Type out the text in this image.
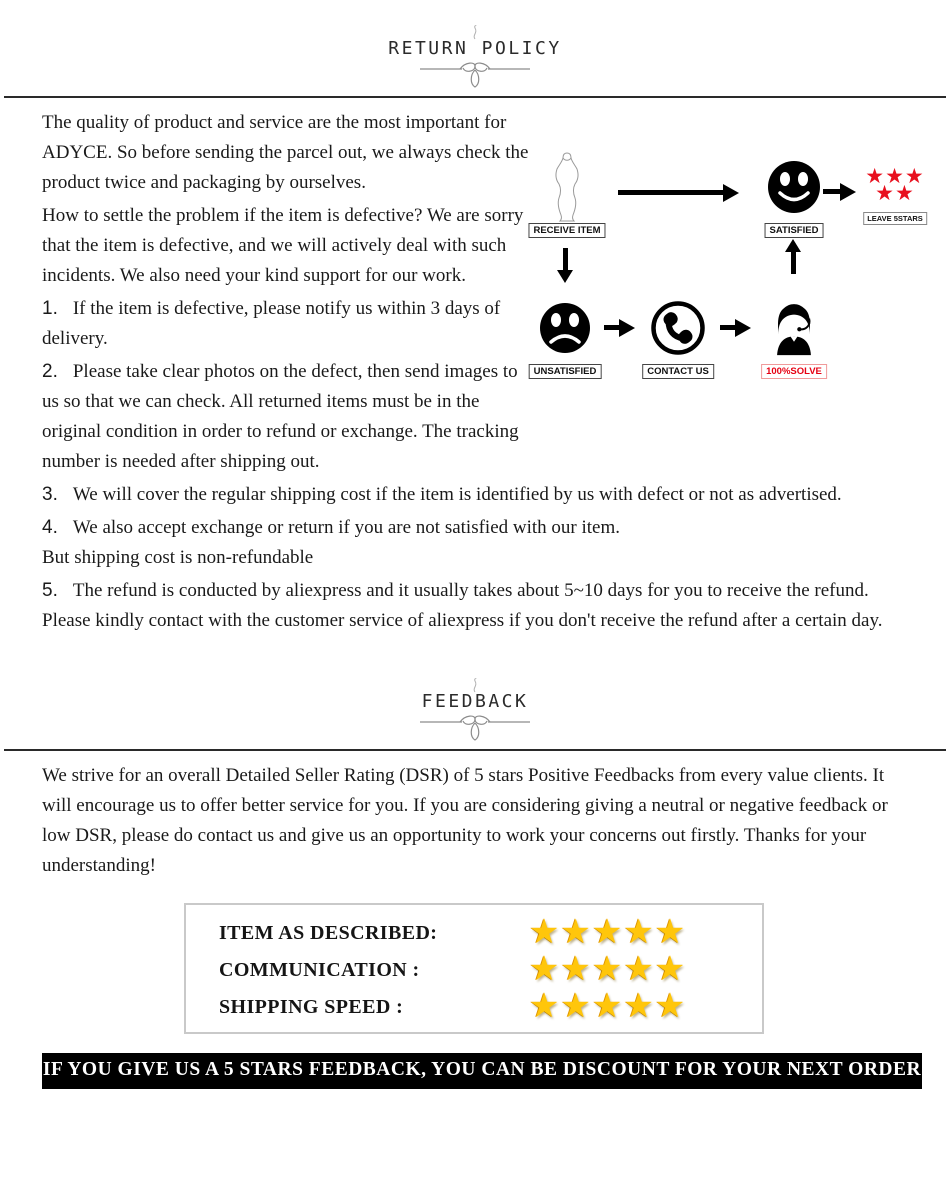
RETURN POLICY
RECEIVE ITEM	SATISFIED
★★★
★★
LEAVE 5STARS
UNSATISFIED	CONTACT US	100%SOLVE

The quality of product and service are the most important for ADYCE. So before sending the parcel out, we always check the product twice and packaging by ourselves.

How to settle the problem if the item is defective? We are sorry that the item is defective, and we will actively deal with such incidents. We also need your kind support for our work.

1. If the item is defective, please notify us within 3 days of delivery.

2. Please take clear photos on the defect, then send images to us so that we can check. All returned items must be in the original condition in order to refund or exchange. The tracking number is needed after shipping out.

3. We will cover the regular shipping cost if the item is identified by us with defect or not as advertised.

4. We also accept exchange or return if you are not satisfied with our item.
But shipping cost is non-refundable

5. The refund is conducted by aliexpress and it usually takes about 5~10 days for you to receive the refund. Please kindly contact with the customer service of aliexpress if you don't receive the refund after a certain day.

FEEDBACK

We strive for an overall Detailed Seller Rating (DSR) of 5 stars Positive Feedbacks from every value clients. It will encourage us to offer better service for you. If you are considering giving a neutral or negative feedback or low DSR, please do contact us and give us an opportunity to work your concerns out firstly. Thanks for your understanding!

ITEM AS DESCRIBED:	★★★★★
COMMUNICATION :	★★★★★
SHIPPING SPEED :	★★★★★
IF YOU GIVE US A 5 STARS FEEDBACK, YOU CAN BE DISCOUNT FOR YOUR NEXT ORDER
